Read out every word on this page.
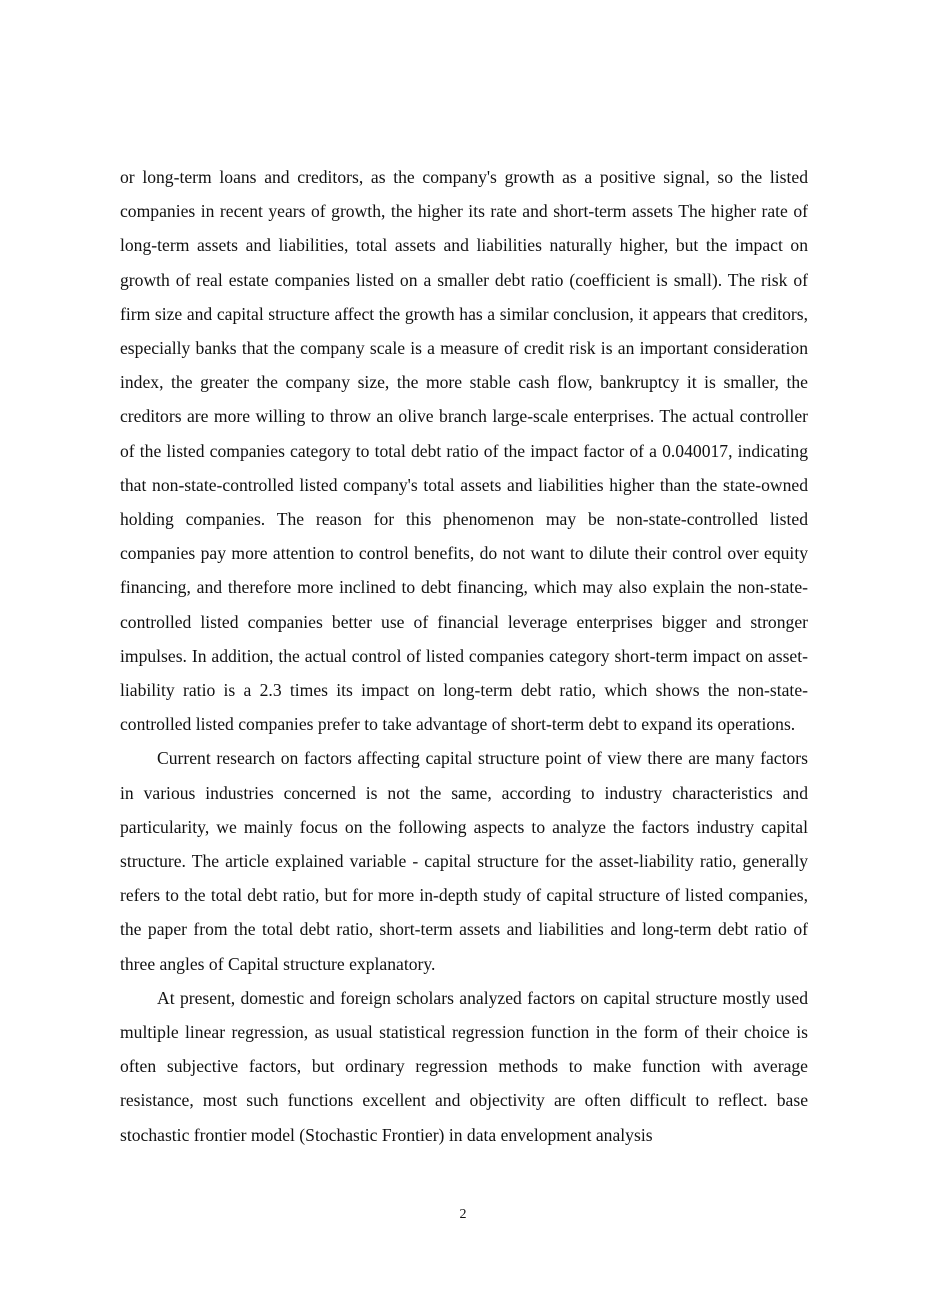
or long-term loans and creditors, as the company's growth as a positive signal, so the listed companies in recent years of growth, the higher its rate and short-term assets The higher rate of long-term assets and liabilities, total assets and liabilities naturally higher, but the impact on growth of real estate companies listed on a smaller debt ratio (coefficient is small). The risk of firm size and capital structure affect the growth has a similar conclusion, it appears that creditors, especially banks that the company scale is a measure of credit risk is an important consideration index, the greater the company size, the more stable cash flow, bankruptcy it is smaller, the creditors are more willing to throw an olive branch large-scale enterprises. The actual controller of the listed companies category to total debt ratio of the impact factor of a 0.040017, indicating that non-state-controlled listed company's total assets and liabilities higher than the state-owned holding companies. The reason for this phenomenon may be non-state-controlled listed companies pay more attention to control benefits, do not want to dilute their control over equity financing, and therefore more inclined to debt financing, which may also explain the non-state-controlled listed companies better use of financial leverage enterprises bigger and stronger impulses. In addition, the actual control of listed companies category short-term impact on asset-liability ratio is a 2.3 times its impact on long-term debt ratio, which shows the non-state-controlled listed companies prefer to take advantage of short-term debt to expand its operations.

Current research on factors affecting capital structure point of view there are many factors in various industries concerned is not the same, according to industry characteristics and particularity, we mainly focus on the following aspects to analyze the factors industry capital structure. The article explained variable - capital structure for the asset-liability ratio, generally refers to the total debt ratio, but for more in-depth study of capital structure of listed companies, the paper from the total debt ratio, short-term assets and liabilities and long-term debt ratio of three angles of Capital structure explanatory.

At present, domestic and foreign scholars analyzed factors on capital structure mostly used multiple linear regression, as usual statistical regression function in the form of their choice is often subjective factors, but ordinary regression methods to make function with average resistance, most such functions excellent and objectivity are often difficult to reflect. base stochastic frontier model (Stochastic Frontier) in data envelopment analysis

2
